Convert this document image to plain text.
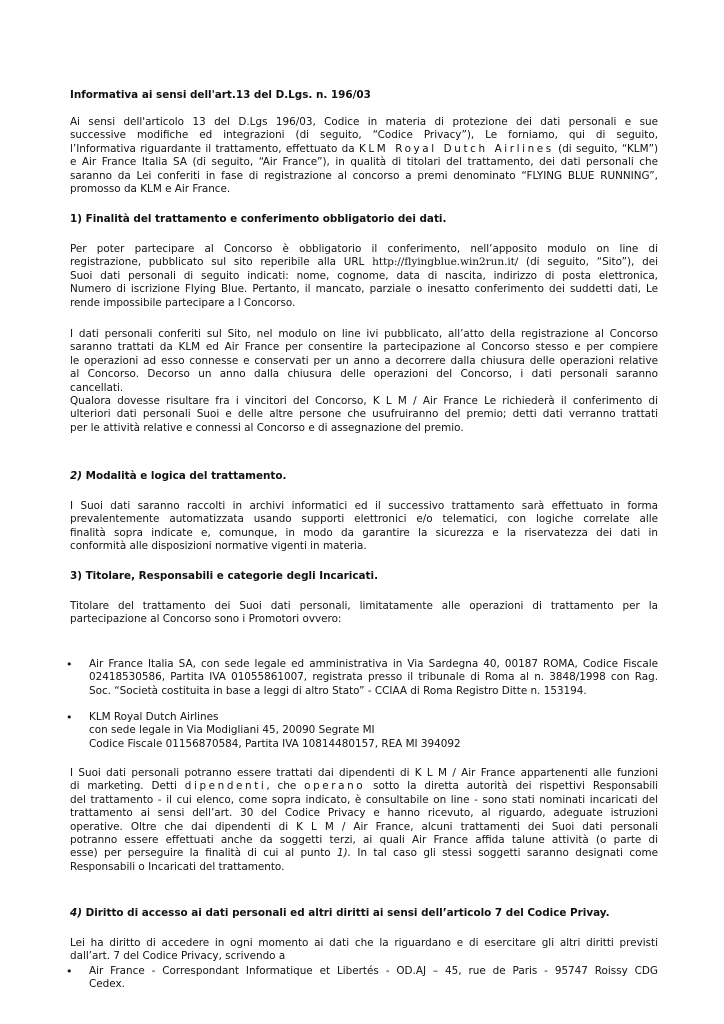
Informativa ai sensi dell'art.13 del D.Lgs. n. 196/03

Ai sensi dell'articolo 13 del D.Lgs 196/03, Codice in materia di protezione dei dati personali e sue
successive modifiche ed integrazioni (di seguito, “Codice Privacy”), Le forniamo, qui di seguito,
l’Informativa riguardante il trattamento, effettuato da KLM Royal Dutch Airlines (di seguito, “KLM”)
e Air France Italia SA (di seguito, “Air France”), in qualità di titolari del trattamento, dei dati personali che
saranno da Lei conferiti in fase di registrazione al concorso a premi denominato “FLYING BLUE RUNNING”,
promosso da KLM e Air France.

1) Finalità del trattamento e conferimento obbligatorio dei dati.

Per poter partecipare al Concorso è obbligatorio il conferimento, nell’apposito modulo on line di
registrazione, pubblicato sul sito reperibile alla URL http://flyingblue.win2run.it/ (di seguito, “Sito”), dei
Suoi dati personali di seguito indicati: nome, cognome, data di nascita, indirizzo di posta elettronica,
Numero di iscrizione Flying Blue. Pertanto, il mancato, parziale o inesatto conferimento dei suddetti dati, Le
rende impossibile partecipare a l Concorso.
I dati personali conferiti sul Sito, nel modulo on line ivi pubblicato, all’atto della registrazione al Concorso
saranno trattati da KLM ed Air France per consentire la partecipazione al Concorso stesso e per compiere
le operazioni ad esso connesse e conservati per un anno a decorrere dalla chiusura delle operazioni relative
al Concorso. Decorso un anno dalla chiusura delle operazioni del Concorso, i dati personali saranno
cancellati.
Qualora dovesse risultare fra i vincitori del Concorso, K L M / Air France Le richiederà il conferimento di
ulteriori dati personali Suoi e delle altre persone che usufruiranno del premio; detti dati verranno trattati
per le attività relative e connessi al Concorso e di assegnazione del premio.

2) Modalità e logica del trattamento.

I Suoi dati saranno raccolti in archivi informatici ed il successivo trattamento sarà effettuato in forma
prevalentemente automatizzata usando supporti elettronici e/o telematici, con logiche correlate alle
finalità sopra indicate e, comunque, in modo da garantire la sicurezza e la riservatezza dei dati in
conformità alle disposizioni normative vigenti in materia.

3) Titolare, Responsabili e categorie degli Incaricati.

Titolare del trattamento dei Suoi dati personali, limitatamente alle operazioni di trattamento per la
partecipazione al Concorso sono i Promotori ovvero:
• Air France Italia SA, con sede legale ed amministrativa in Via Sardegna 40, 00187 ROMA, Codice Fiscale
02418530586, Partita IVA 01055861007, registrata presso il tribunale di Roma al n. 3848/1998 con Rag.
Soc. “Società costituita in base a leggi di altro Stato” - CCIAA di Roma Registro Ditte n. 153194.
• KLM Royal Dutch Airlines
con sede legale in Via Modigliani 45, 20090 Segrate MI
Codice Fiscale 01156870584, Partita IVA 10814480157, REA MI 394092
I Suoi dati personali potranno essere trattati dai dipendenti di K L M / Air France appartenenti alle funzioni
di marketing. Detti dipendenti, che operano sotto la diretta autorità dei rispettivi Responsabili
del trattamento - il cui elenco, come sopra indicato, è consultabile on line - sono stati nominati incaricati del
trattamento ai sensi dell’art. 30 del Codice Privacy e hanno ricevuto, al riguardo, adeguate istruzioni
operative. Oltre che dai dipendenti di K L M / Air France, alcuni trattamenti dei Suoi dati personali
potranno essere effettuati anche da soggetti terzi, ai quali Air France affida talune attività (o parte di
esse) per perseguire la finalità di cui al punto 1). In tal caso gli stessi soggetti saranno designati come
Responsabili o Incaricati del trattamento.

4) Diritto di accesso ai dati personali ed altri diritti ai sensi dell’articolo 7 del Codice Privay.

Lei ha diritto di accedere in ogni momento ai dati che la riguardano e di esercitare gli altri diritti previsti
dall’art. 7 del Codice Privacy, scrivendo a
• Air France - Correspondant Informatique et Libertés - OD.AJ – 45, rue de Paris - 95747 Roissy CDG
Cedex.
